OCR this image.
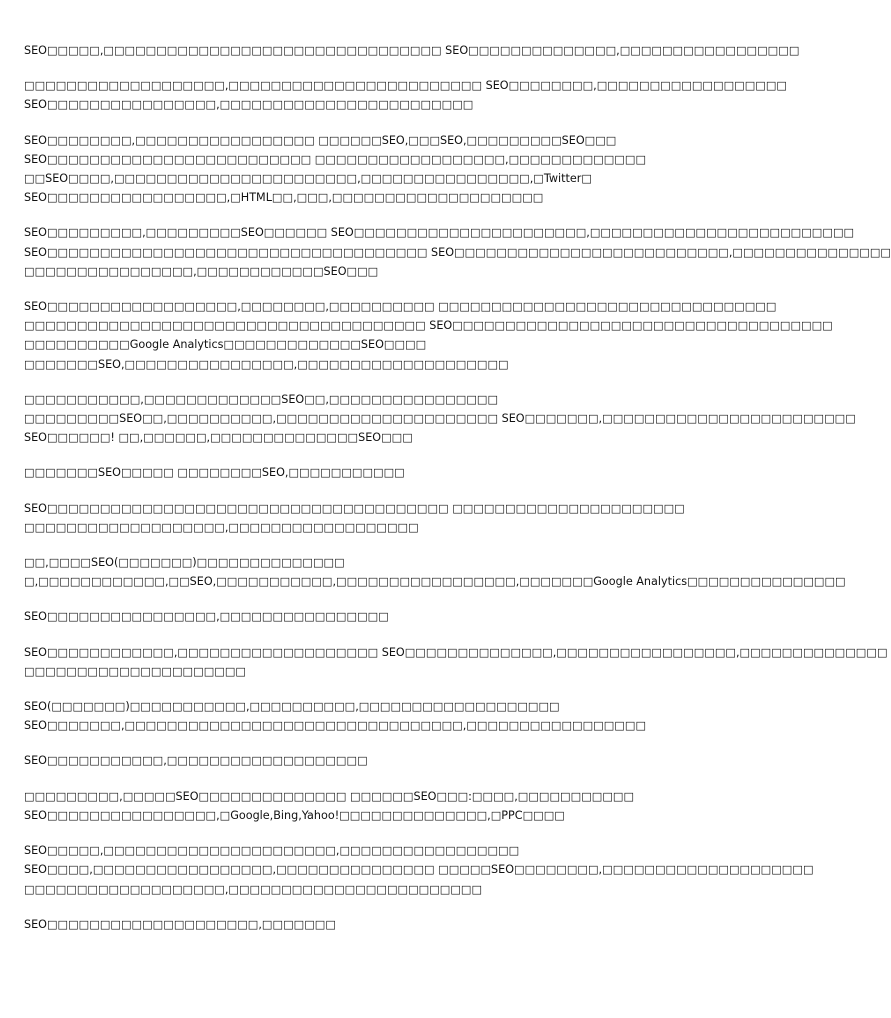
SEO□□□□□,□□□□□□□□□□□□□□□□□□□□□□□□□□□□□□□□ SEO□□□□□□□□□□□□□□,□□□□□□□□□□□□□□□□□

□□□□□□□□□□□□□□□□□□□,□□□□□□□□□□□□□□□□□□□□□□□□ SEO□□□□□□□□,□□□□□□□□□□□□□□□□□□
SEO□□□□□□□□□□□□□□□□,□□□□□□□□□□□□□□□□□□□□□□□□

SEO□□□□□□□□,□□□□□□□□□□□□□□□□□ □□□□□□SEO,□□□SEO,□□□□□□□□□SEO□□□
SEO□□□□□□□□□□□□□□□□□□□□□□□□□ □□□□□□□□□□□□□□□□□□,□□□□□□□□□□□□□
□□SEO□□□□,□□□□□□□□□□□□□□□□□□□□□□□,□□□□□□□□□□□□□□□□,□Twitter□
SEO□□□□□□□□□□□□□□□□□,□HTML□□,□□□,□□□□□□□□□□□□□□□□□□□□

SEO□□□□□□□□□,□□□□□□□□□SEO□□□□□□ SEO□□□□□□□□□□□□□□□□□□□□□□,□□□□□□□□□□□□□□□□□□□□□□□□□
SEO□□□□□□□□□□□□□□□□□□□□□□□□□□□□□□□□□□□□ SEO□□□□□□□□□□□□□□□□□□□□□□□□□□,□□□□□□□□□□□□□□□
□□□□□□□□□□□□□□□□,□□□□□□□□□□□□SEO□□□

SEO□□□□□□□□□□□□□□□□□□,□□□□□□□□,□□□□□□□□□□ □□□□□□□□□□□□□□□□□□□□□□□□□□□□□□□□
□□□□□□□□□□□□□□□□□□□□□□□□□□□□□□□□□□□□□□ SEO□□□□□□□□□□□□□□□□□□□□□□□□□□□□□□□□□□□□
□□□□□□□□□□Google Analytics□□□□□□□□□□□□□SEO□□□□
□□□□□□□SEO,□□□□□□□□□□□□□□□□,□□□□□□□□□□□□□□□□□□□□

□□□□□□□□□□□,□□□□□□□□□□□□□SEO□□,□□□□□□□□□□□□□□□□
□□□□□□□□□SEO□□,□□□□□□□□□□,□□□□□□□□□□□□□□□□□□□□□ SEO□□□□□□□,□□□□□□□□□□□□□□□□□□□□□□□□
SEO□□□□□□! □□,□□□□□□,□□□□□□□□□□□□□□SEO□□□

□□□□□□□SEO□□□□□ □□□□□□□□SEO,□□□□□□□□□□□

SEO□□□□□□□□□□□□□□□□□□□□□□□□□□□□□□□□□□□□□□ □□□□□□□□□□□□□□□□□□□□□□
□□□□□□□□□□□□□□□□□□□,□□□□□□□□□□□□□□□□□□

□□,□□□□SEO(□□□□□□□)□□□□□□□□□□□□□□
□,□□□□□□□□□□□□,□□SEO,□□□□□□□□□□□,□□□□□□□□□□□□□□□□□,□□□□□□□Google Analytics□□□□□□□□□□□□□□□

SEO□□□□□□□□□□□□□□□□,□□□□□□□□□□□□□□□□

SEO□□□□□□□□□□□□,□□□□□□□□□□□□□□□□□□□ SEO□□□□□□□□□□□□□□,□□□□□□□□□□□□□□□□□,□□□□□□□□□□□□□□
□□□□□□□□□□□□□□□□□□□□□

SEO(□□□□□□□)□□□□□□□□□□□,□□□□□□□□□□,□□□□□□□□□□□□□□□□□□□
SEO□□□□□□□,□□□□□□□□□□□□□□□□□□□□□□□□□□□□□□□□,□□□□□□□□□□□□□□□□□

SEO□□□□□□□□□□□,□□□□□□□□□□□□□□□□□□□

□□□□□□□□□,□□□□□SEO□□□□□□□□□□□□□□ □□□□□□SEO□□□:□□□□,□□□□□□□□□□□
SEO□□□□□□□□□□□□□□□□,□Google,Bing,Yahoo!□□□□□□□□□□□□□□,□PPC□□□□

SEO□□□□□,□□□□□□□□□□□□□□□□□□□□□□,□□□□□□□□□□□□□□□□□
SEO□□□□,□□□□□□□□□□□□□□□□□,□□□□□□□□□□□□□□□ □□□□□SEO□□□□□□□□,□□□□□□□□□□□□□□□□□□□□
□□□□□□□□□□□□□□□□□□□,□□□□□□□□□□□□□□□□□□□□□□□□

SEO□□□□□□□□□□□□□□□□□□□□,□□□□□□□
